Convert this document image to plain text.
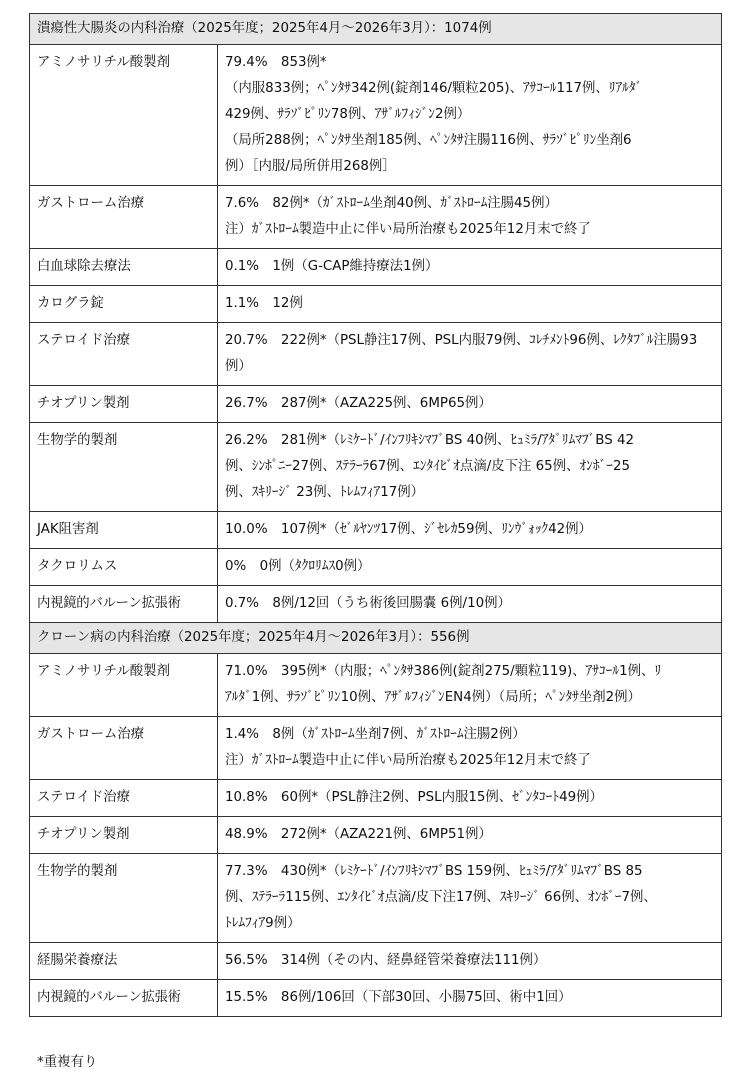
潰瘍性大腸炎の内科治療（2025年度；2025年4月～2026年3月）：1074例	
アミノサリチル酸製剤	79.4%　853例*
（内服833例；ﾍﾟﾝﾀｻ342例(錠剤146/顆粒205)、ｱｻｺｰﾙ117例、ﾘｱﾙﾀﾞ
429例、ｻﾗｿﾞﾋﾟﾘﾝ78例、ｱｻﾞﾙﾌｨｼﾞﾝ2例）
（局所288例；ﾍﾟﾝﾀｻ坐剤185例、ﾍﾟﾝﾀｻ注腸116例、ｻﾗｿﾞﾋﾟﾘﾝ坐剤6
例）［内服/局所併用268例］

ガストローム治療	7.6%　82例*（ｶﾞｽﾄﾛｰﾑ坐剤40例、ｶﾞｽﾄﾛｰﾑ注腸45例）
注）ｶﾞｽﾄﾛｰﾑ製造中止に伴い局所治療も2025年12月末で終了

白血球除去療法	0.1%　1例（G-CAP維持療法1例）

カログラ錠	1.1%　12例

ステロイド治療	20.7%　222例*（PSL静注17例、PSL内服79例、ｺﾚﾁﾒﾝﾄ96例、ﾚｸﾀﾌﾞﾙ注腸93
例）

チオプリン製剤	26.7%　287例*（AZA225例、6MP65例）

生物学的製剤	26.2%　281例*（ﾚﾐｹｰﾄﾞ/ｲﾝﾌﾘｷｼﾏﾌﾞBS 40例、ﾋｭﾐﾗ/ｱﾀﾞﾘﾑﾏﾌﾞBS 42
例、ｼﾝﾎﾟﾆｰ27例、ｽﾃﾗｰﾗ67例、ｴﾝﾀｲﾋﾞｵ点滴/皮下注 65例、ｵﾝﾎﾞｰ25
例、ｽｷﾘｰｼﾞ 23例、ﾄﾚﾑﾌｨｱ17例）

JAK阻害剤	10.0%　107例*（ｾﾞﾙﾔﾝﾂ17例、ｼﾞｾﾚｶ59例、ﾘﾝｳﾞｫｯｸ42例）

タクロリムス	0%　0例（ﾀｸﾛﾘﾑｽ0例）

内視鏡的バルーン拡張術	0.7%　8例/12回（うち術後回腸嚢 6例/10例）

クローン病の内科治療（2025年度；2025年4月～2026年3月）：556例	
アミノサリチル酸製剤	71.0%　395例*（内服；ﾍﾟﾝﾀｻ386例(錠剤275/顆粒119)、ｱｻｺｰﾙ1例、ﾘ
ｱﾙﾀﾞ1例、ｻﾗｿﾞﾋﾟﾘﾝ10例、ｱｻﾞﾙﾌｨｼﾞﾝEN4例）（局所；ﾍﾟﾝﾀｻ坐剤2例）

ガストローム治療	1.4%　8例（ｶﾞｽﾄﾛｰﾑ坐剤7例、ｶﾞｽﾄﾛｰﾑ注腸2例）
注）ｶﾞｽﾄﾛｰﾑ製造中止に伴い局所治療も2025年12月末で終了

ステロイド治療	10.8%　60例*（PSL静注2例、PSL内服15例、ｾﾞﾝﾀｺｰﾄ49例）

チオプリン製剤	48.9%　272例*（AZA221例、6MP51例）

生物学的製剤	77.3%　430例*（ﾚﾐｹｰﾄﾞ/ｲﾝﾌﾘｷｼﾏﾌﾞBS 159例、ﾋｭﾐﾗ/ｱﾀﾞﾘﾑﾏﾌﾞBS 85
例、ｽﾃﾗｰﾗ115例、ｴﾝﾀｲﾋﾞｵ点滴/皮下注17例、ｽｷﾘｰｼﾞ 66例、ｵﾝﾎﾞｰ7例、
ﾄﾚﾑﾌｨｱ9例）

経腸栄養療法	56.5%　314例（その内、経鼻経管栄養療法111例）

内視鏡的バルーン拡張術	15.5%　86例/106回（下部30回、小腸75回、術中1回）
*重複有り
